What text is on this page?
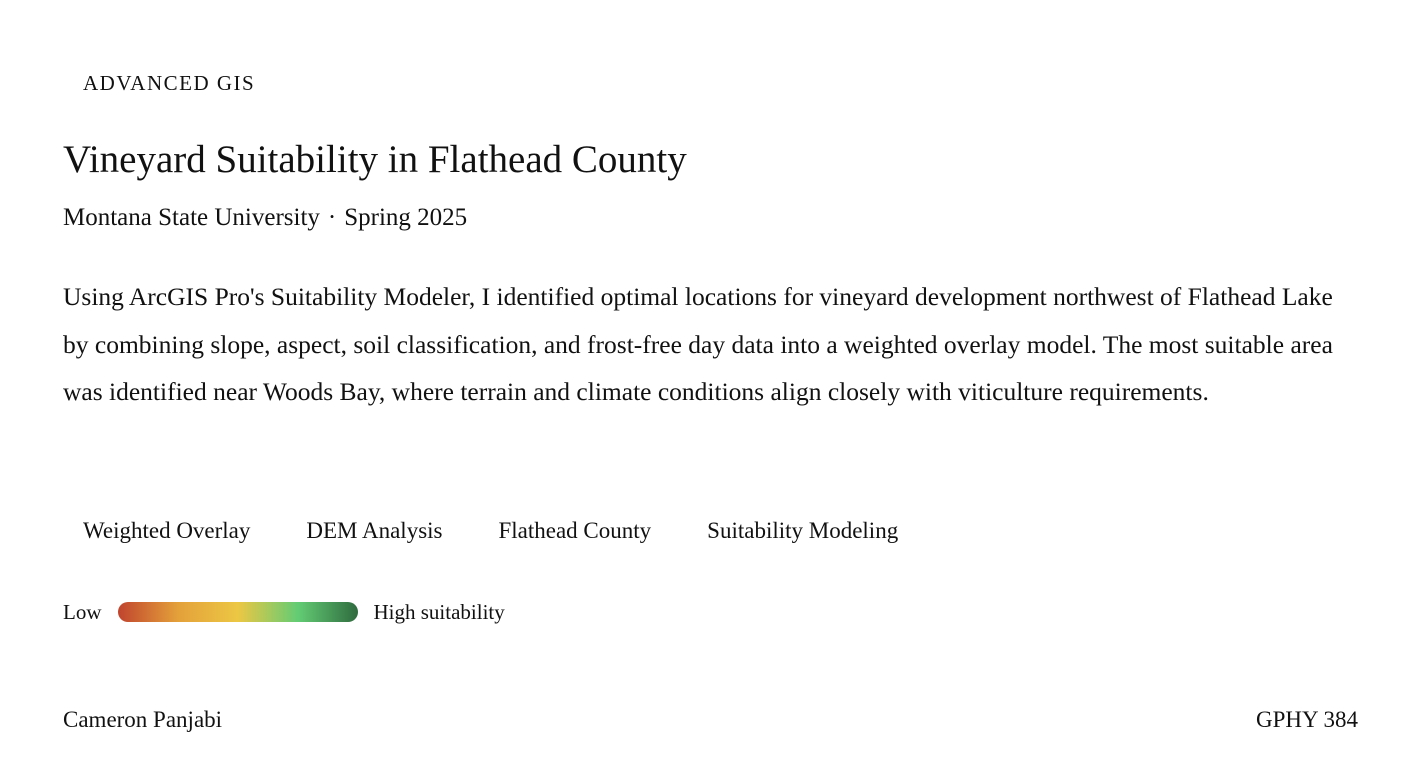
ADVANCED GIS
Vineyard Suitability in Flathead County
Montana State University · Spring 2025

Using ArcGIS Pro's Suitability Modeler, I identified optimal locations for vineyard development northwest of Flathead Lake by combining slope, aspect, soil classification, and frost-free day data into a weighted overlay model. The most suitable area was identified near Woods Bay, where terrain and climate conditions align closely with viticulture requirements.

Weighted Overlay	DEM Analysis	Flathead County	Suitability Modeling
Low	High suitability
Cameron Panjabi	GPHY 384
